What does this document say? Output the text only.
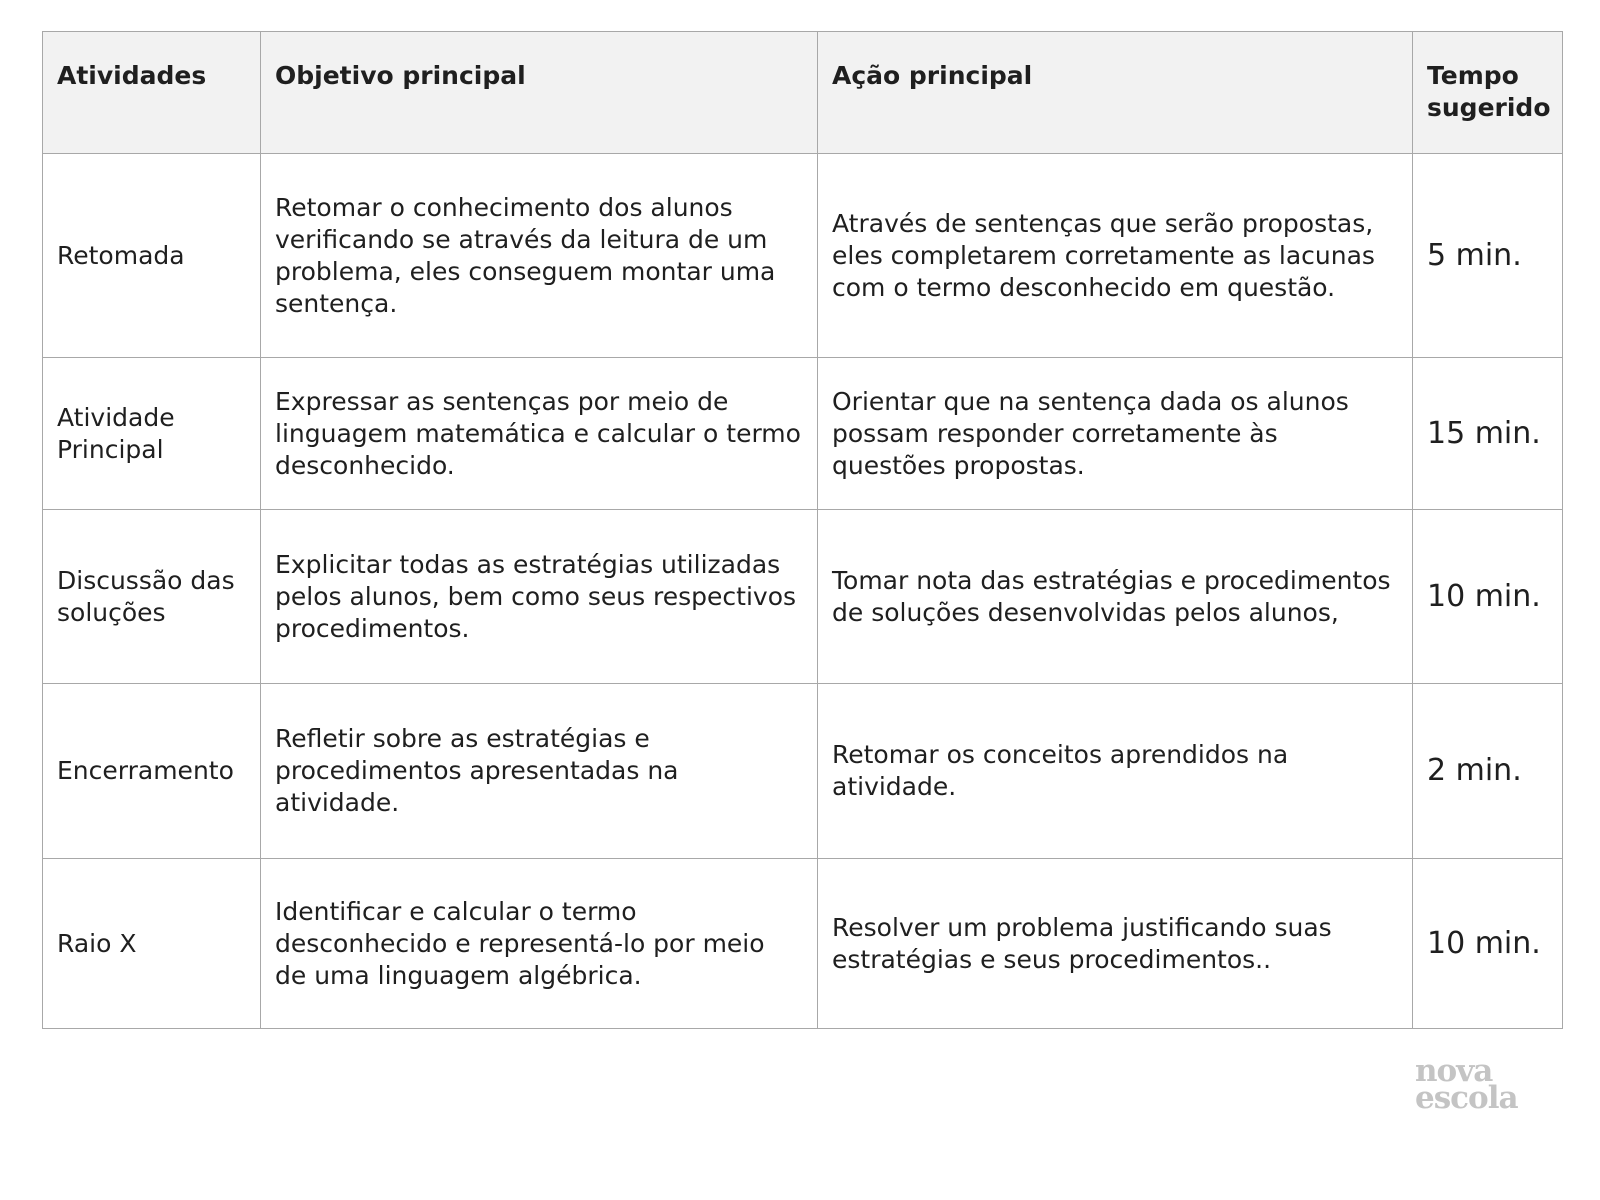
Atividades	Objetivo principal	Ação principal	Tempo sugerido
Retomada	Retomar o conhecimento dos alunos verificando se através da leitura de um problema, eles conseguem montar uma sentença.	Através de sentenças que serão propostas, eles completarem corretamente as lacunas com o termo desconhecido em questão.	5 min.
Atividade Principal	Expressar as sentenças por meio de linguagem matemática e calcular o termo desconhecido.	Orientar que na sentença dada os alunos possam responder corretamente às questões propostas.	15 min.
Discussão das soluções	Explicitar todas as estratégias utilizadas pelos alunos, bem como seus respectivos procedimentos.	Tomar nota das estratégias e procedimentos de soluções desenvolvidas pelos alunos,	10 min.
Encerramento	Refletir sobre as estratégias e procedimentos apresentadas na atividade.	Retomar os conceitos aprendidos na atividade.	2 min.
Raio X	Identificar e calcular o termo desconhecido e representá-lo por meio de uma linguagem algébrica.	Resolver um problema justificando suas estratégias e seus procedimentos..	10 min.
nova
escola
